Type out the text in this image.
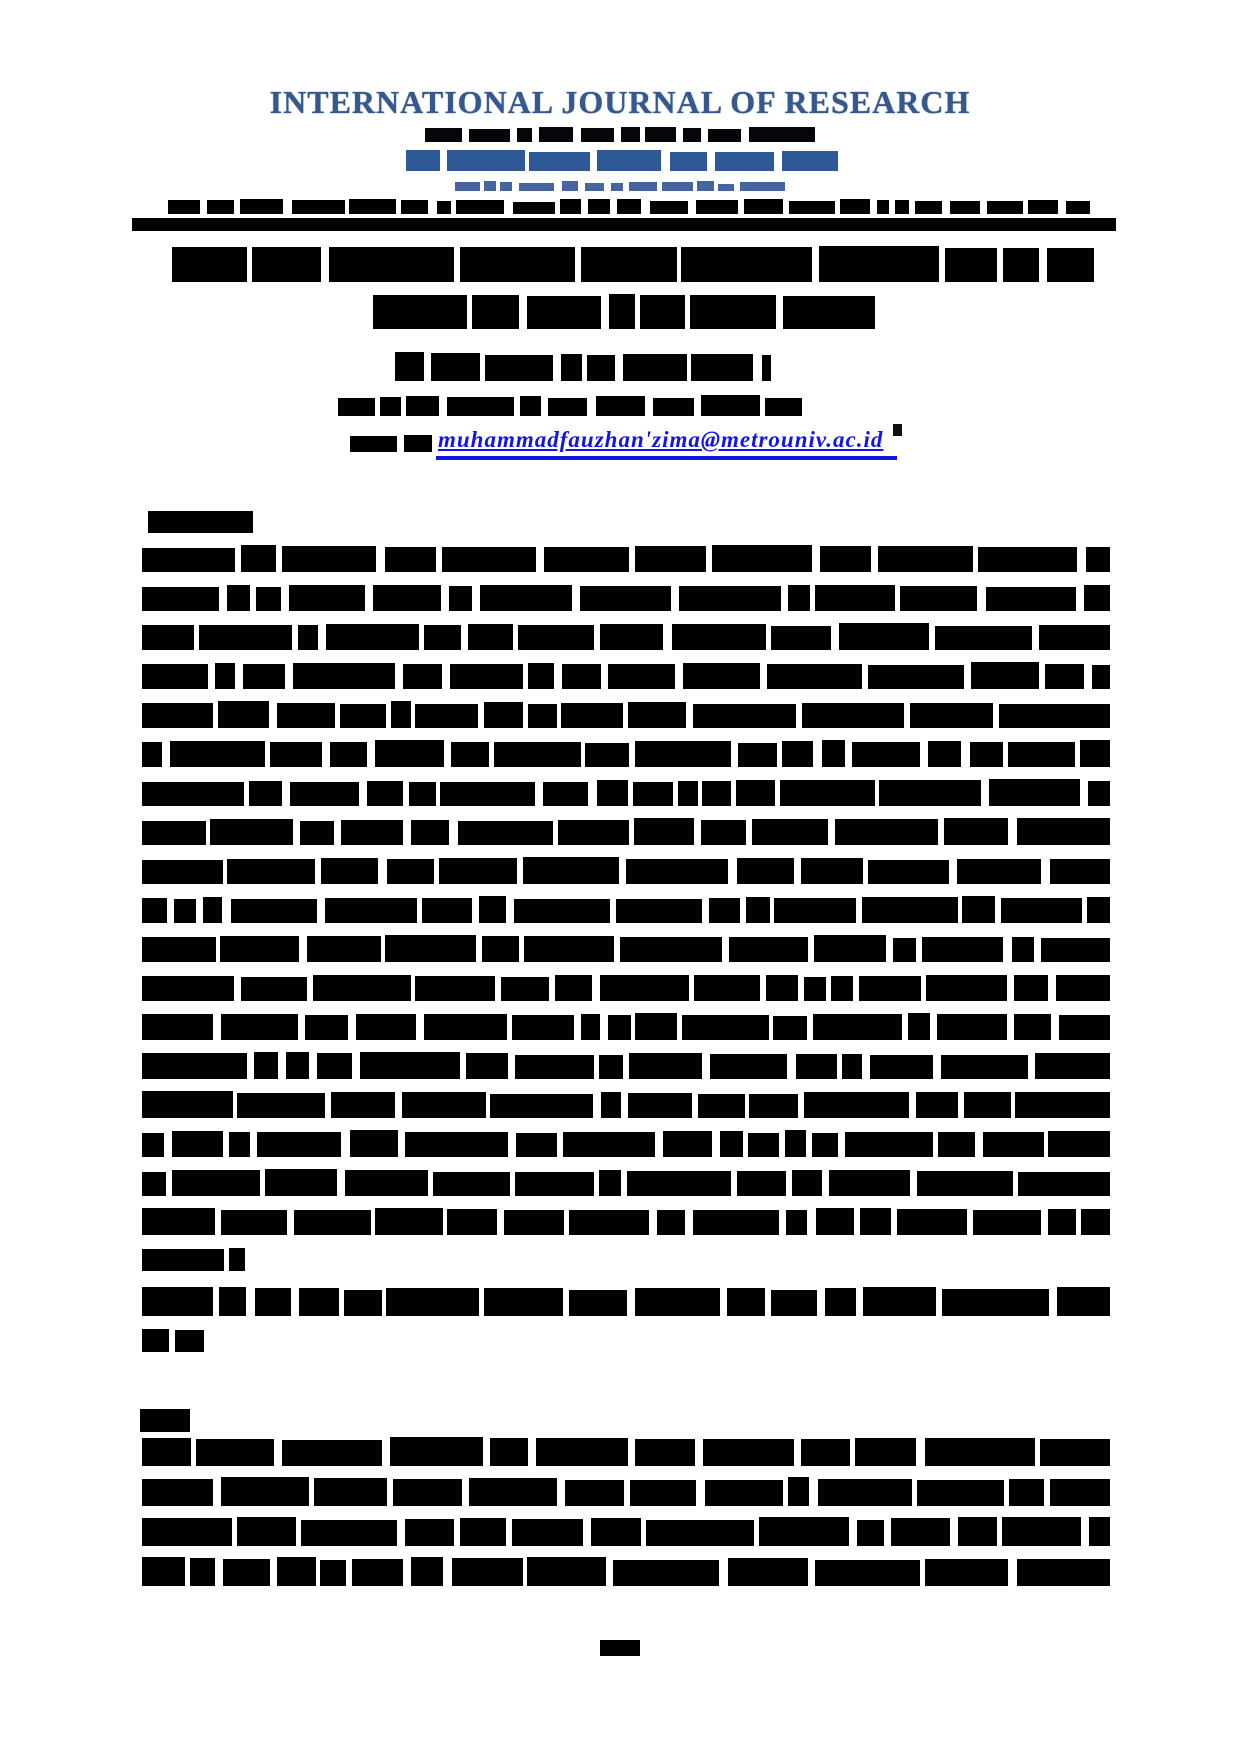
INTERNATIONAL JOURNAL OF RESEARCH
muhammadfauzhan'zima@metrouniv.ac.id
